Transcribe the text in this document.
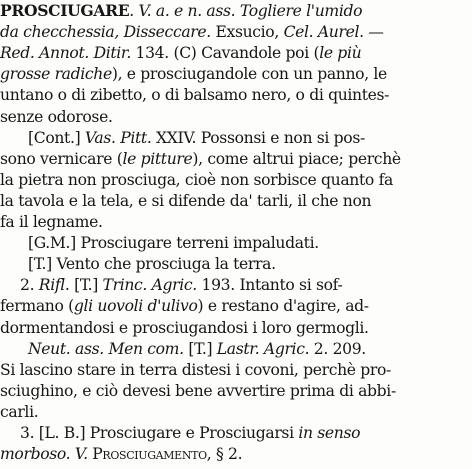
PROSCIUGARE. V. a. e n. ass. Togliere l'umido
da checchessia, Disseccare. Exsucio, Cel. Aurel. —
Red. Annot. Ditir. 134. (C) Cavandole poi (le più
grosse radiche), e prosciugandole con un panno, le
untano o di zibetto, o di balsamo nero, o di quintes-
senze odorose.
[Cont.] Vas. Pitt. XXIV. Possonsi e non si pos-
sono vernicare (le pitture), come altrui piace; perchè
la pietra non prosciuga, cioè non sorbisce quanto fa
la tavola e la tela, e si difende da' tarli, il che non
fa il legname.
[G.M.] Prosciugare terreni impaludati.
[T.] Vento che prosciuga la terra.
2. Rifl. [T.] Trinc. Agric. 193. Intanto si sof-
fermano (gli uovoli d'ulivo) e restano d'agire, ad-
dormentandosi e prosciugandosi i loro germogli.
Neut. ass. Men com. [T.] Lastr. Agric. 2. 209.
Si lascino stare in terra distesi i covoni, perchè pro-
sciughino, e ciò devesi bene avvertire prima di abbi-
carli.
3. [L. B.] Prosciugare e Prosciugarsi in senso
morboso. V. Prosciugamento, § 2.
